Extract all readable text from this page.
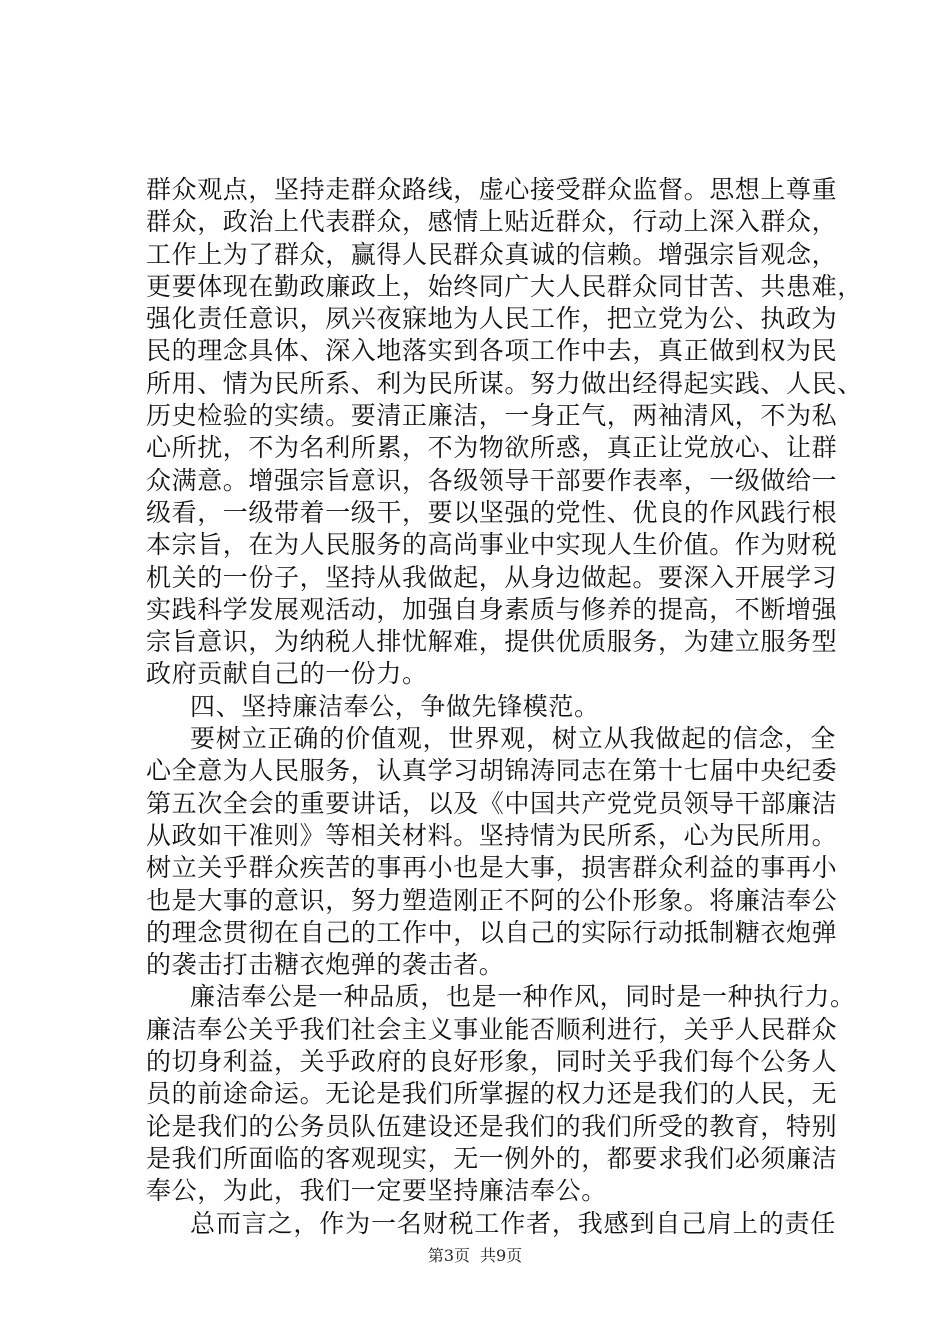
群众观点，坚持走群众路线，虚心接受群众监督。思想上尊重
群众，政治上代表群众，感情上贴近群众，行动上深入群众，
工作上为了群众，赢得人民群众真诚的信赖。增强宗旨观念，
更要体现在勤政廉政上，始终同广大人民群众同甘苦、共患难，
强化责任意识，夙兴夜寐地为人民工作，把立党为公、执政为
民的理念具体、深入地落实到各项工作中去，真正做到权为民
所用、情为民所系、利为民所谋。努力做出经得起实践、人民、
历史检验的实绩。要清正廉洁，一身正气，两袖清风，不为私
心所扰，不为名利所累，不为物欲所惑，真正让党放心、让群
众满意。增强宗旨意识，各级领导干部要作表率，一级做给一
级看，一级带着一级干，要以坚强的党性、优良的作风践行根
本宗旨，在为人民服务的高尚事业中实现人生价值。作为财税
机关的一份子，坚持从我做起，从身边做起。要深入开展学习
实践科学发展观活动，加强自身素质与修养的提高，不断增强
宗旨意识，为纳税人排忧解难，提供优质服务，为建立服务型
政府贡献自己的一份力。
四、坚持廉洁奉公，争做先锋模范。
要树立正确的价值观，世界观，树立从我做起的信念，全
心全意为人民服务，认真学习胡锦涛同志在第十七届中央纪委
第五次全会的重要讲话，以及《中国共产党党员领导干部廉洁
从政如干准则》等相关材料。坚持情为民所系，心为民所用。
树立关乎群众疾苦的事再小也是大事，损害群众利益的事再小
也是大事的意识，努力塑造刚正不阿的公仆形象。将廉洁奉公
的理念贯彻在自己的工作中，以自己的实际行动抵制糖衣炮弹
的袭击打击糖衣炮弹的袭击者。
廉洁奉公是一种品质，也是一种作风，同时是一种执行力。
廉洁奉公关乎我们社会主义事业能否顺利进行，关乎人民群众
的切身利益，关乎政府的良好形象，同时关乎我们每个公务人
员的前途命运。无论是我们所掌握的权力还是我们的人民，无
论是我们的公务员队伍建设还是我们的我们所受的教育，特别
是我们所面临的客观现实，无一例外的，都要求我们必须廉洁
奉公，为此，我们一定要坚持廉洁奉公。
总而言之，作为一名财税工作者，我感到自己肩上的责任
第3页 共9页
